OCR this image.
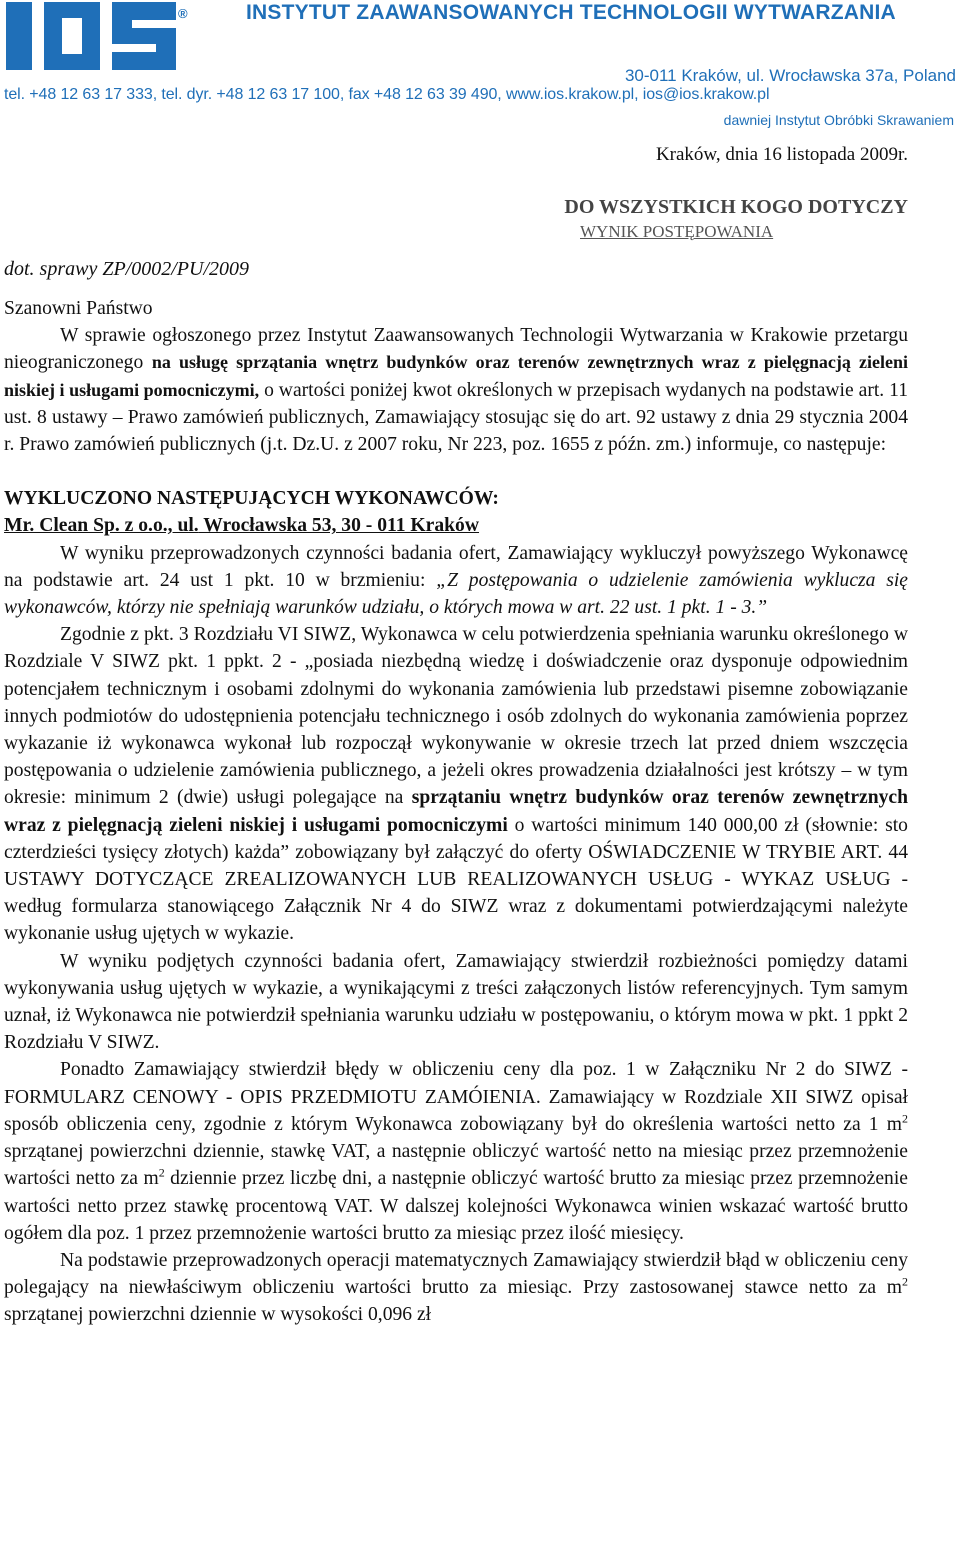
®	INSTYTUT ZAAWANSOWANYCH TECHNOLOGII WYTWARZANIA
30-011 Kraków, ul. Wrocławska 37a, Poland
tel. +48 12 63 17 333, tel. dyr. +48 12 63 17 100, fax +48 12 63 39 490, www.ios.krakow.pl, ios@ios.krakow.pl
dawniej Instytut Obróbki Skrawaniem
Kraków, dnia 16 listopada 2009r.
DO WSZYSTKICH KOGO DOTYCZY
WYNIK POSTĘPOWANIA
dot. sprawy ZP/0002/PU/2009

Szanowni Państwo

W sprawie ogłoszonego przez Instytut Zaawansowanych Technologii Wytwarzania w Krakowie przetargu nieograniczonego na usługę sprzątania wnętrz budynków oraz terenów zewnętrznych wraz z pielęgnacją zieleni niskiej i usługami pomocniczymi, o wartości poniżej kwot określonych w przepisach wydanych na podstawie art. 11 ust. 8 ustawy – Prawo zamówień publicznych, Zamawiający stosując się do art. 92 ustawy z dnia 29 stycznia 2004 r. Prawo zamówień publicznych (j.t. Dz.U. z 2007 roku, Nr 223, poz. 1655 z późn. zm.) informuje, co następuje:

WYKLUCZONO NASTĘPUJĄCYCH WYKONAWCÓW:

Mr. Clean Sp. z o.o., ul. Wrocławska 53, 30 - 011 Kraków

W wyniku przeprowadzonych czynności badania ofert, Zamawiający wykluczył powyższego Wykonawcę na podstawie art. 24 ust 1 pkt. 10 w brzmieniu: „Z postępowania o udzielenie zamówienia wyklucza się wykonawców, którzy nie spełniają warunków udziału, o których mowa w art. 22 ust. 1 pkt. 1 - 3.”

Zgodnie z pkt. 3 Rozdziału VI SIWZ, Wykonawca w celu potwierdzenia spełniania warunku określonego w Rozdziale V SIWZ pkt. 1 ppkt. 2 - „posiada niezbędną wiedzę i doświadczenie oraz dysponuje odpowiednim potencjałem technicznym i osobami zdolnymi do wykonania zamówienia lub przedstawi pisemne zobowiązanie innych podmiotów do udostępnienia potencjału technicznego i osób zdolnych do wykonania zamówienia poprzez wykazanie iż wykonawca wykonał lub rozpoczął wykonywanie w okresie trzech lat przed dniem wszczęcia postępowania o udzielenie zamówienia publicznego, a jeżeli okres prowadzenia działalności jest krótszy – w tym okresie: minimum 2 (dwie) usługi polegające na sprzątaniu wnętrz budynków oraz terenów zewnętrznych wraz z pielęgnacją zieleni niskiej i usługami pomocniczymi o wartości minimum 140 000,00 zł (słownie: sto czterdzieści tysięcy złotych) każda” zobowiązany był załączyć do oferty OŚWIADCZENIE W TRYBIE ART. 44 USTAWY DOTYCZĄCE ZREALIZOWANYCH LUB REALIZOWANYCH USŁUG - WYKAZ USŁUG - według formularza stanowiącego Załącznik Nr 4 do SIWZ wraz z dokumentami potwierdzającymi należyte wykonanie usług ujętych w wykazie.

W wyniku podjętych czynności badania ofert, Zamawiający stwierdził rozbieżności pomiędzy datami wykonywania usług ujętych w wykazie, a wynikającymi z treści załączonych listów referencyjnych. Tym samym uznał, iż Wykonawca nie potwierdził spełniania warunku udziału w postępowaniu, o którym mowa w pkt. 1 ppkt 2 Rozdziału V SIWZ.

Ponadto Zamawiający stwierdził błędy w obliczeniu ceny dla poz. 1 w Załączniku Nr 2 do SIWZ - FORMULARZ CENOWY - OPIS PRZEDMIOTU ZAMÓIENIA. Zamawiający w Rozdziale XII SIWZ opisał sposób obliczenia ceny, zgodnie z którym Wykonawca zobowiązany był do określenia wartości netto za 1 $m^2$ sprzątanej powierzchni dziennie, stawkę VAT, a następnie obliczyć wartość netto na miesiąc przez przemnożenie wartości netto za $m^2$ dziennie przez liczbę dni, a następnie obliczyć wartość brutto za miesiąc przez przemnożenie wartości netto przez stawkę procentową VAT. W dalszej kolejności Wykonawca winien wskazać wartość brutto ogółem dla poz. 1 przez przemnożenie wartości brutto za miesiąc przez ilość miesięcy.

Na podstawie przeprowadzonych operacji matematycznych Zamawiający stwierdził błąd w obliczeniu ceny polegający na niewłaściwym obliczeniu wartości brutto za miesiąc. Przy zastosowanej stawce netto za $m^2$ sprzątanej powierzchni dziennie w wysokości 0,096 zł
